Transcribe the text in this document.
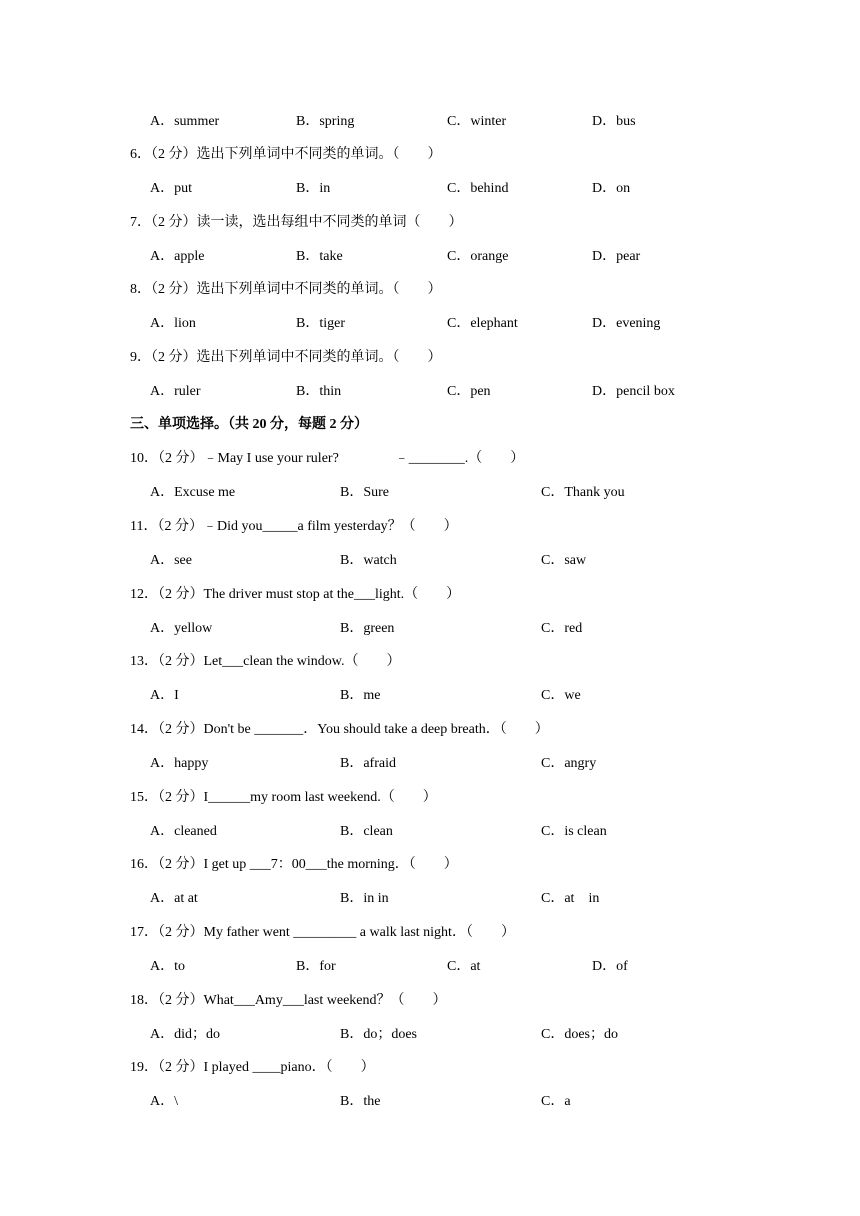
A．summer	B．spring	C．winter	D．bus
6．（2 分）选出下列单词中不同类的单词。（　　）
A．put	B．in	C．behind	D．on
7．（2 分）读一读，选出每组中不同类的单词（　　）
A．apple	B．take	C．orange	D．pear
8．（2 分）选出下列单词中不同类的单词。（　　）
A．lion	B．tiger	C．elephant	D．evening
9．（2 分）选出下列单词中不同类的单词。（　　）
A．ruler	B．thin	C．pen	D．pencil box
三、单项选择。（共 20 分，每题 2 分）
10．（2 分）﹣May I use your ruler?　　　　﹣________.（　　）
A．Excuse me	B．Sure	C．Thank you
11．（2 分）﹣Did you_____a film yesterday？（　　）
A．see	B．watch	C．saw
12．（2 分）The driver must stop at the___light.（　　）
A．yellow	B．green	C．red
13．（2 分）Let___clean the window.（　　）
A．I	B．me	C．we
14．（2 分）Don't be _______．You should take a deep breath．（　　）
A．happy	B．afraid	C．angry
15．（2 分）I______my room last weekend.（　　）
A．cleaned	B．clean	C．is clean
16．（2 分）I get up ___7：00___the morning．（　　）
A．at at	B．in in	C．at　in
17．（2 分）My father went _________ a walk last night．（　　）
A．to	B．for	C．at	D．of
18．（2 分）What___Amy___last weekend？（　　）
A．did；do	B．do；does	C．does；do
19．（2 分）I played ____piano．（　　）
A．\	B．the	C．a
